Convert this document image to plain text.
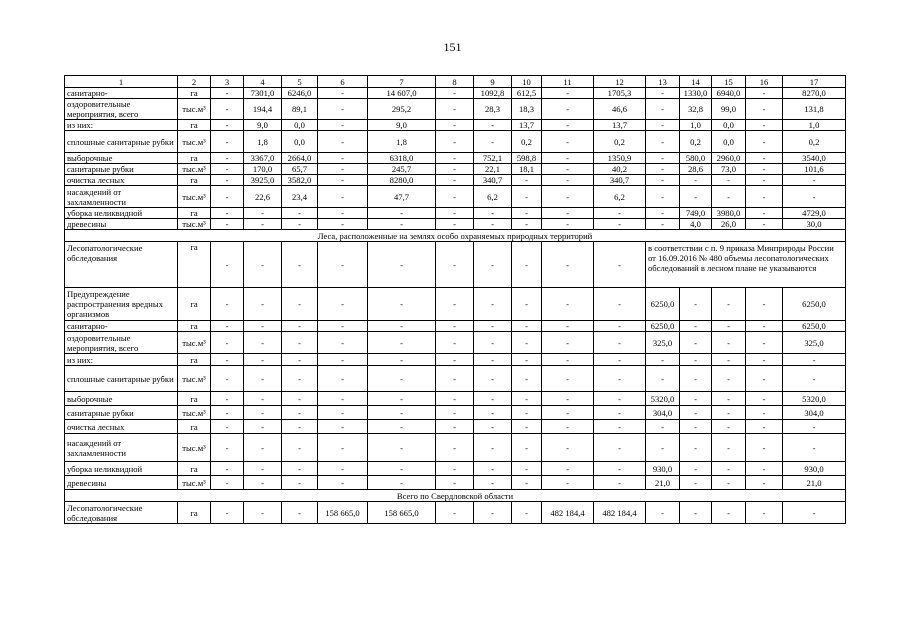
151
1	2	3	4	5	6	7	8	9	10	11	12	13	14	15	16	17
санитарно-	га	-	7301,0	6246,0	-	14 607,0	-	1092,8	612,5	-	1705,3	-	1330,0	6940,0	-	8270,0
оздоровительные мероприятия, всего	тыс.м³	-	194,4	89,1	-	295,2	-	28,3	18,3	-	46,6	-	32,8	99,0	-	131,8
из них:	га	-	9,0	0,0	-	9,0	-	-	13,7	-	13,7	-	1,0	0,0	-	1,0
сплошные санитарные рубки	тыс.м³	-	1,8	0,0	-	1,8	-	-	0,2	-	0,2	-	0,2	0,0	-	0,2
выборочные	га	-	3367,0	2664,0	-	6318,0	-	752,1	598,8	-	1350,9	-	580,0	2960,0	-	3540,0
санитарные рубки	тыс.м³	-	170,0	65,7	-	245,7	-	22,1	18,1	-	40,2	-	28,6	73,0	-	101,6
очистка лесных	га	-	3925,0	3582,0	-	8280,0	-	340,7	-	-	340,7	-	-	-	-	-
насаждений от захламленности	тыс.м³	-	22,6	23,4	-	47,7	-	6,2	-	-	6,2	-	-	-	-	-
уборка неликвидной	га	-	-	-	-	-	-	-	-	-	-	-	749,0	3980,0	-	4729,0
древесины	тыс.м³	-	-	-	-	-	-	-	-	-	-	-	4,0	26,0	-	30,0
Леса, расположенные на землях особо охраняемых природных территорий																
Лесопатологические обследования	га	-	-	-	-	-	-	-	-	-	-	в соответствии с п. 9 приказа Минприроды России от 16.09.2016 № 480 объемы лесопатологических обследований в лесном плане не указываются				
Предупреждение распространения вредных организмов	га	-	-	-	-	-	-	-	-	-	-	6250,0	-	-	-	6250,0
санитарно-	га	-	-	-	-	-	-	-	-	-	-	6250,0	-	-	-	6250,0
оздоровительные мероприятия, всего	тыс.м³	-	-	-	-	-	-	-	-	-	-	325,0	-	-	-	325,0
из них:	га	-	-	-	-	-	-	-	-	-	-	-	-	-	-	-
сплошные санитарные рубки	тыс.м³	-	-	-	-	-	-	-	-	-	-	-	-	-	-	-
выборочные	га	-	-	-	-	-	-	-	-	-	-	5320,0	-	-	-	5320,0
санитарные рубки	тыс.м³	-	-	-	-	-	-	-	-	-	-	304,0	-	-	-	304,0
очистка лесных	га	-	-	-	-	-	-	-	-	-	-	-	-	-	-	-
насаждений от захламленности	тыс.м³	-	-	-	-	-	-	-	-	-	-	-	-	-	-	-
уборка неликвидной	га	-	-	-	-	-	-	-	-	-	-	930,0	-	-	-	930,0
древесины	тыс.м³	-	-	-	-	-	-	-	-	-	-	21,0	-	-	-	21,0
Всего по Свердловской области																
Лесопатологические обследования	га	-	-	-	158 665,0	158 665,0	-	-	-	482 184,4	482 184,4	-	-	-	-	-
